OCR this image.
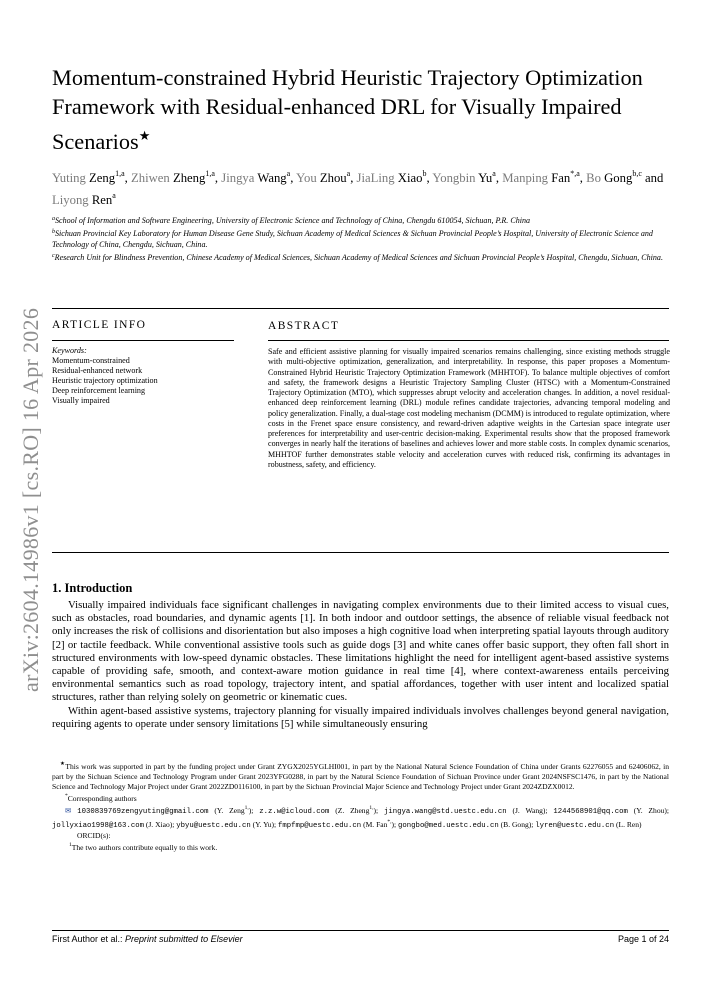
arXiv:2604.14986v1 [cs.RO] 16 Apr 2026
Momentum-constrained Hybrid Heuristic Trajectory Optimization Framework with Residual-enhanced DRL for Visually Impaired Scenarios★
Yuting Zeng$^{1,a}$, Zhiwen Zheng$^{1,a}$, Jingya Wang$^a$, You Zhou$^a$, JiaLing Xiao$^b$, Yongbin Yu$^a$, Manping Fan$^{*,a}$, Bo Gong$^{b,c}$ and Liyong Ren$^a$
$^a$School of Information and Software Engineering, University of Electronic Science and Technology of China, Chengdu 610054, Sichuan, P.R. China
$^b$Sichuan Provincial Key Laboratory for Human Disease Gene Study, Sichuan Academy of Medical Sciences & Sichuan Provincial People’s Hospital, University of Electronic Science and Technology of China, Chengdu, Sichuan, China.
$^c$Research Unit for Blindness Prevention, Chinese Academy of Medical Sciences, Sichuan Academy of Medical Sciences and Sichuan Provincial People’s Hospital, Chengdu, Sichuan, China.
ARTICLE INFO
Keywords:
Momentum-constrained
Residual-enhanced network
Heuristic trajectory optimization
Deep reinforcement learning
Visually impaired
ABSTRACT
Safe and efficient assistive planning for visually impaired scenarios remains challenging, since existing methods struggle with multi-objective optimization, generalization, and interpretability. In response, this paper proposes a Momentum-Constrained Hybrid Heuristic Trajectory Optimization Framework (MHHTOF). To balance multiple objectives of comfort and safety, the framework designs a Heuristic Trajectory Sampling Cluster (HTSC) with a Momentum-Constrained Trajectory Optimization (MTO), which suppresses abrupt velocity and acceleration changes. In addition, a novel residual-enhanced deep reinforcement learning (DRL) module refines candidate trajectories, advancing temporal modeling and policy generalization. Finally, a dual-stage cost modeling mechanism (DCMM) is introduced to regulate optimization, where costs in the Frenet space ensure consistency, and reward-driven adaptive weights in the Cartesian space integrate user preferences for interpretability and user-centric decision-making. Experimental results show that the proposed framework converges in nearly half the iterations of baselines and achieves lower and more stable costs. In complex dynamic scenarios, MHHTOF further demonstrates stable velocity and acceleration curves with reduced risk, confirming its advantages in robustness, safety, and efficiency.
1. Introduction

Visually impaired individuals face significant challenges in navigating complex environments due to their limited access to visual cues, such as obstacles, road boundaries, and dynamic agents [1]. In both indoor and outdoor settings, the absence of reliable visual feedback not only increases the risk of collisions and disorientation but also imposes a high cognitive load when interpreting spatial layouts through auditory [2] or tactile feedback. While conventional assistive tools such as guide dogs [3] and white canes offer basic support, they often fall short in structured environments with low-speed dynamic obstacles. These limitations highlight the need for intelligent agent-based assistive systems capable of providing safe, smooth, and context-aware motion guidance in real time [4], where context-awareness entails perceiving environmental semantics such as road topology, trajectory intent, and spatial affordances, together with user intent and localized spatial structures, rather than relying solely on geometric or kinematic cues.

Within agent-based assistive systems, trajectory planning for visually impaired individuals involves challenges beyond general navigation, requiring agents to operate under sensory limitations [5] while simultaneously ensuring

★This work was supported in part by the funding project under Grant ZYGX2025YGLHI001, in part by the National Natural Science Foundation of China under Grants 62276055 and 62406062, in part by the Sichuan Science and Technology Program under Grant 2023YFG0288, in part by the Natural Science Foundation of Sichuan Province under Grant 2024NSFSC1476, in part by the National Science and Technology Major Project under Grant 2022ZD0116100, in part by the Sichuan Provincial Major Science and Technology Project under Grant 2024ZDZX0012.

*Corresponding authors

✉ 1030839769zengyuting@gmail.com (Y. Zeng$^{1,}$); z.z.w@icloud.com (Z. Zheng$^{1,}$); jingya.wang@std.uestc.edu.cn (J. Wang); 1244568901@qq.com (Y. Zhou); jollyxiao1998@163.com (J. Xiao); ybyu@uestc.edu.cn (Y. Yu); fmpfmp@uestc.edu.cn (M. Fan*,); gongbo@med.uestc.edu.cn (B. Gong); lyren@uestc.edu.cn (L. Ren)

ORCID(s):

$^1$The two authors contribute equally to this work.

First Author et al.: Preprint submitted to Elsevier	Page 1 of 24
